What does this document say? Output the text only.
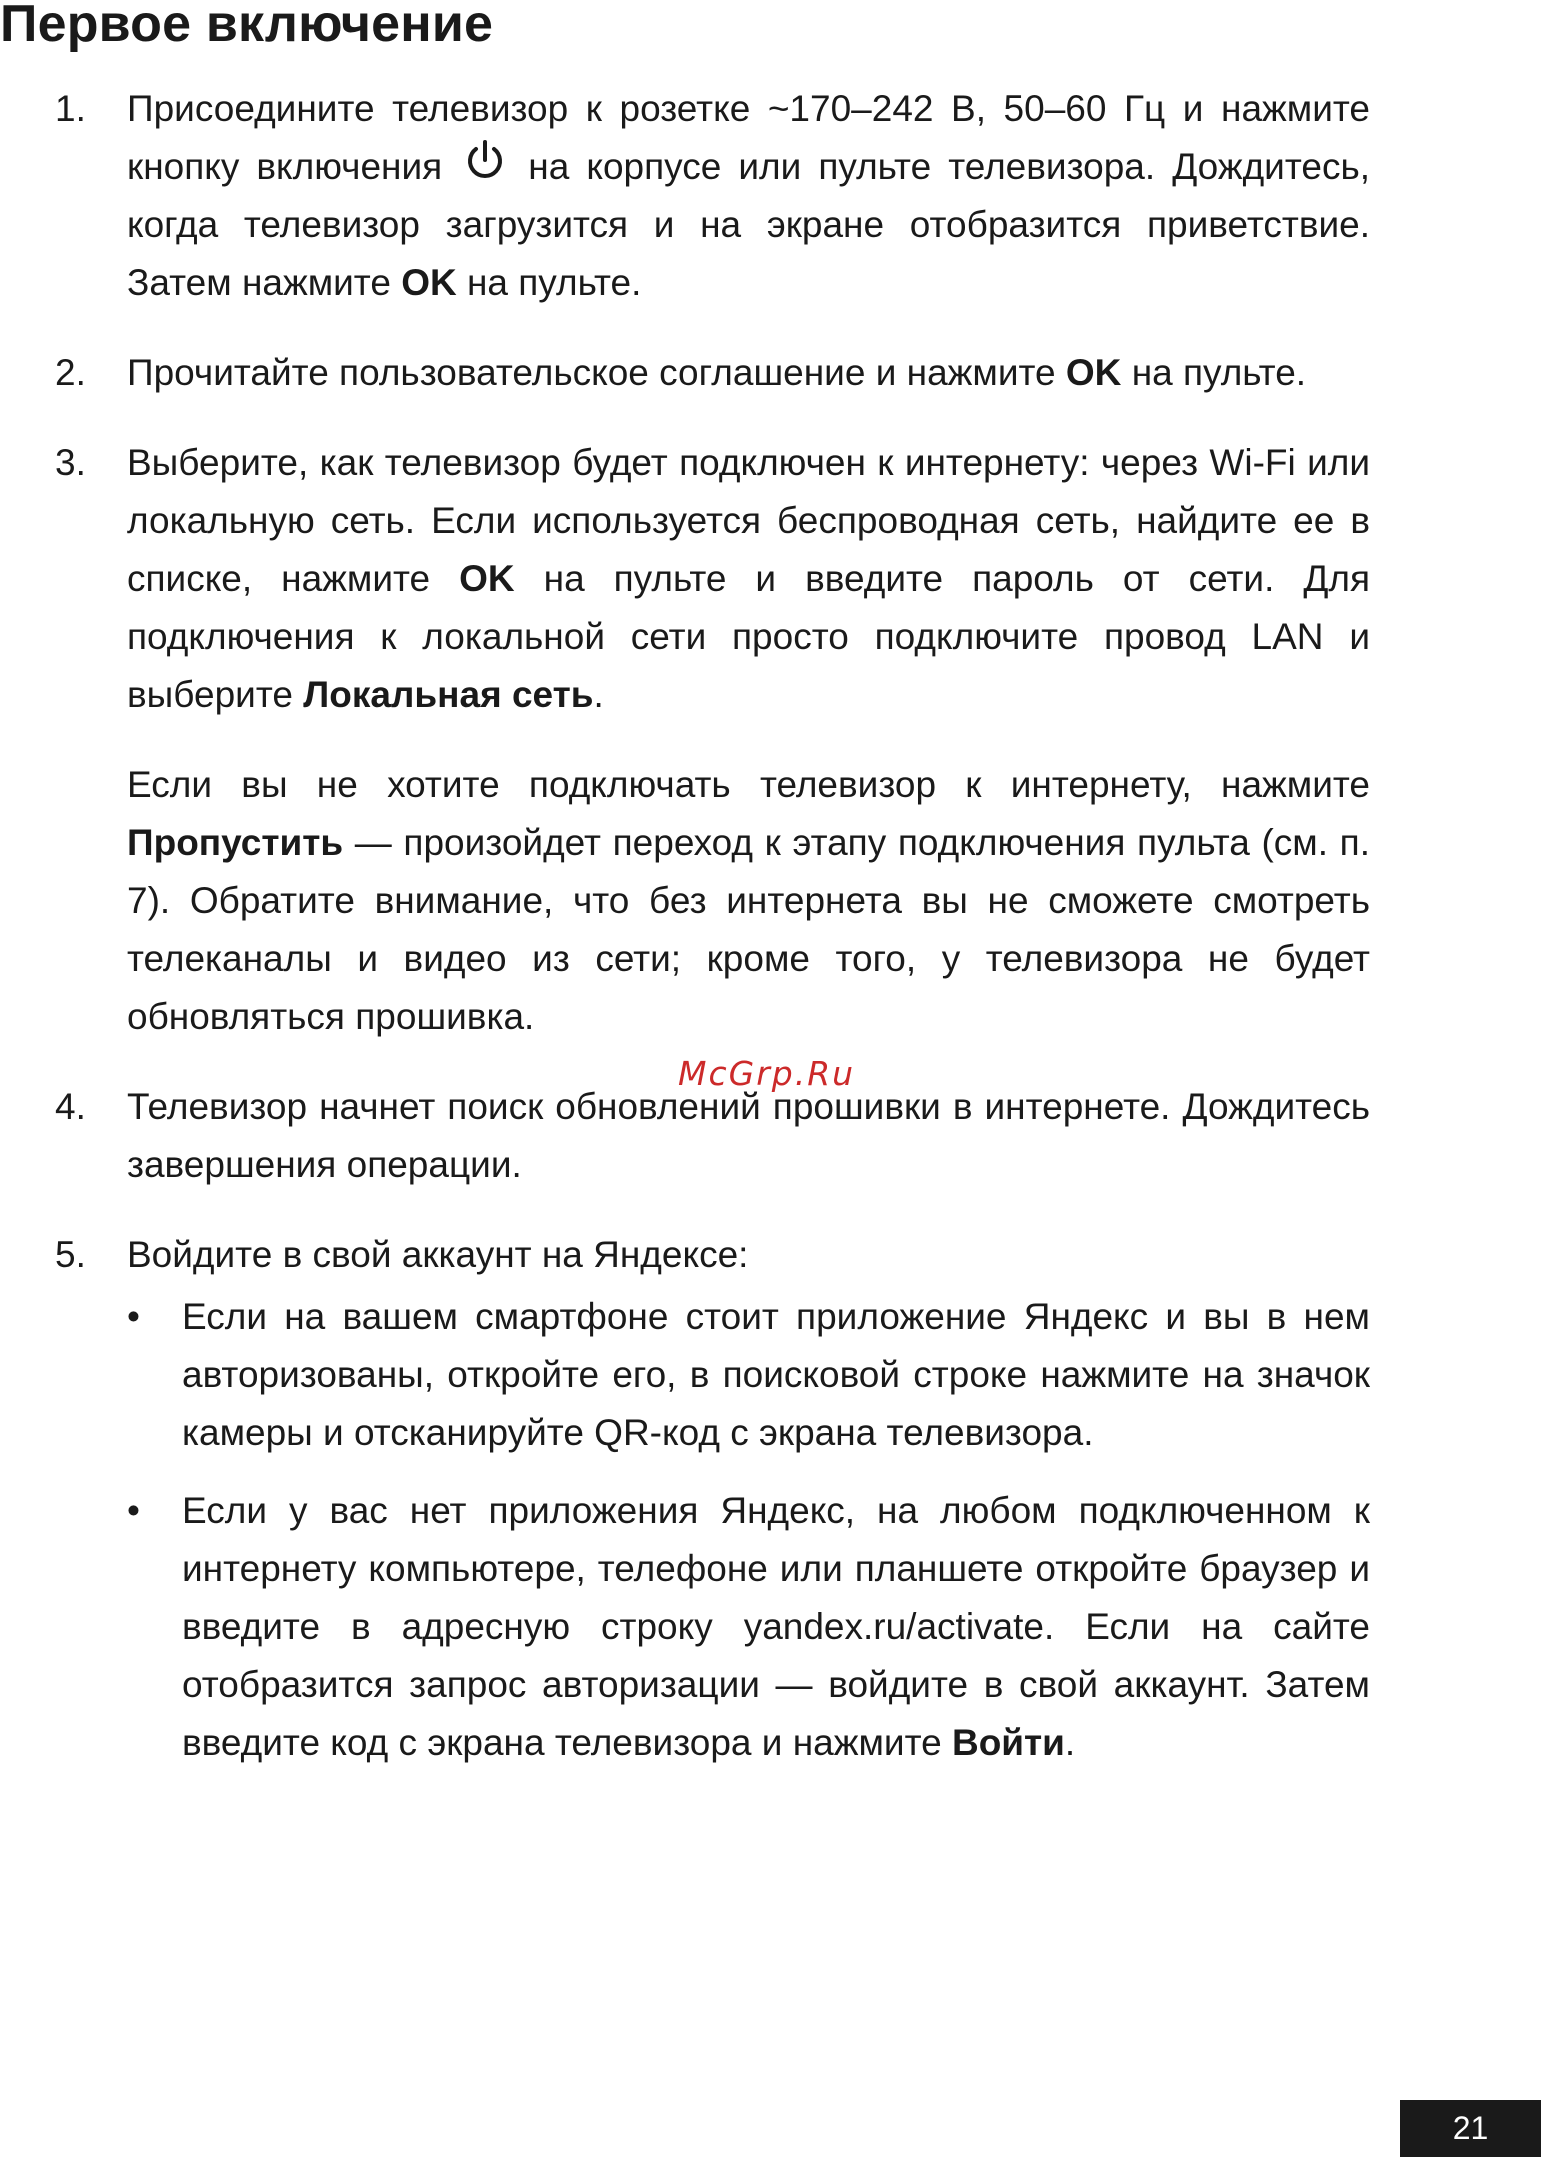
Первое включение
1. Присоедините телевизор к розетке ~170–242 В, 50–60 Гц и нажмите кнопку включения на корпусе или пульте телевизора. Дождитесь, когда телевизор загрузится и на экране отобразится приветствие. Затем нажмите OK на пульте.

2. Прочитайте пользовательское соглашение и нажмите OK на пульте.

3. Выберите, как телевизор будет подключен к интернету: через Wi-Fi или локальную сеть. Если используется беспроводная сеть, найдите ее в списке, нажмите OK на пульте и введите пароль от сети. Для подключения к локальной сети просто подключите провод LAN и выберите Локальная сеть.

Если вы не хотите подключать телевизор к интернету, нажмите Пропустить — произойдет переход к этапу подключения пульта (см. п. 7). Обратите внимание, что без интернета вы не сможете смотреть телеканалы и видео из сети; кроме того, у телевизора не будет обновляться прошивка.

4. Телевизор начнет поиск обновлений прошивки в интернете. Дождитесь завершения операции.

5. Войдите в свой аккаунт на Яндексе:

• Если на вашем смартфоне стоит приложение Яндекс и вы в нем авторизованы, откройте его, в поисковой строке нажмите на значок камеры и отсканируйте QR-код с экрана телевизора.

• Если у вас нет приложения Яндекс, на любом подключенном к интернету компьютере, телефоне или планшете откройте браузер и введите в адресную строку yandex.ru/activate. Если на сайте отобразится запрос авторизации — войдите в свой аккаунт. Затем введите код с экрана телевизора и нажмите Войти.

McGrp.Ru
21
